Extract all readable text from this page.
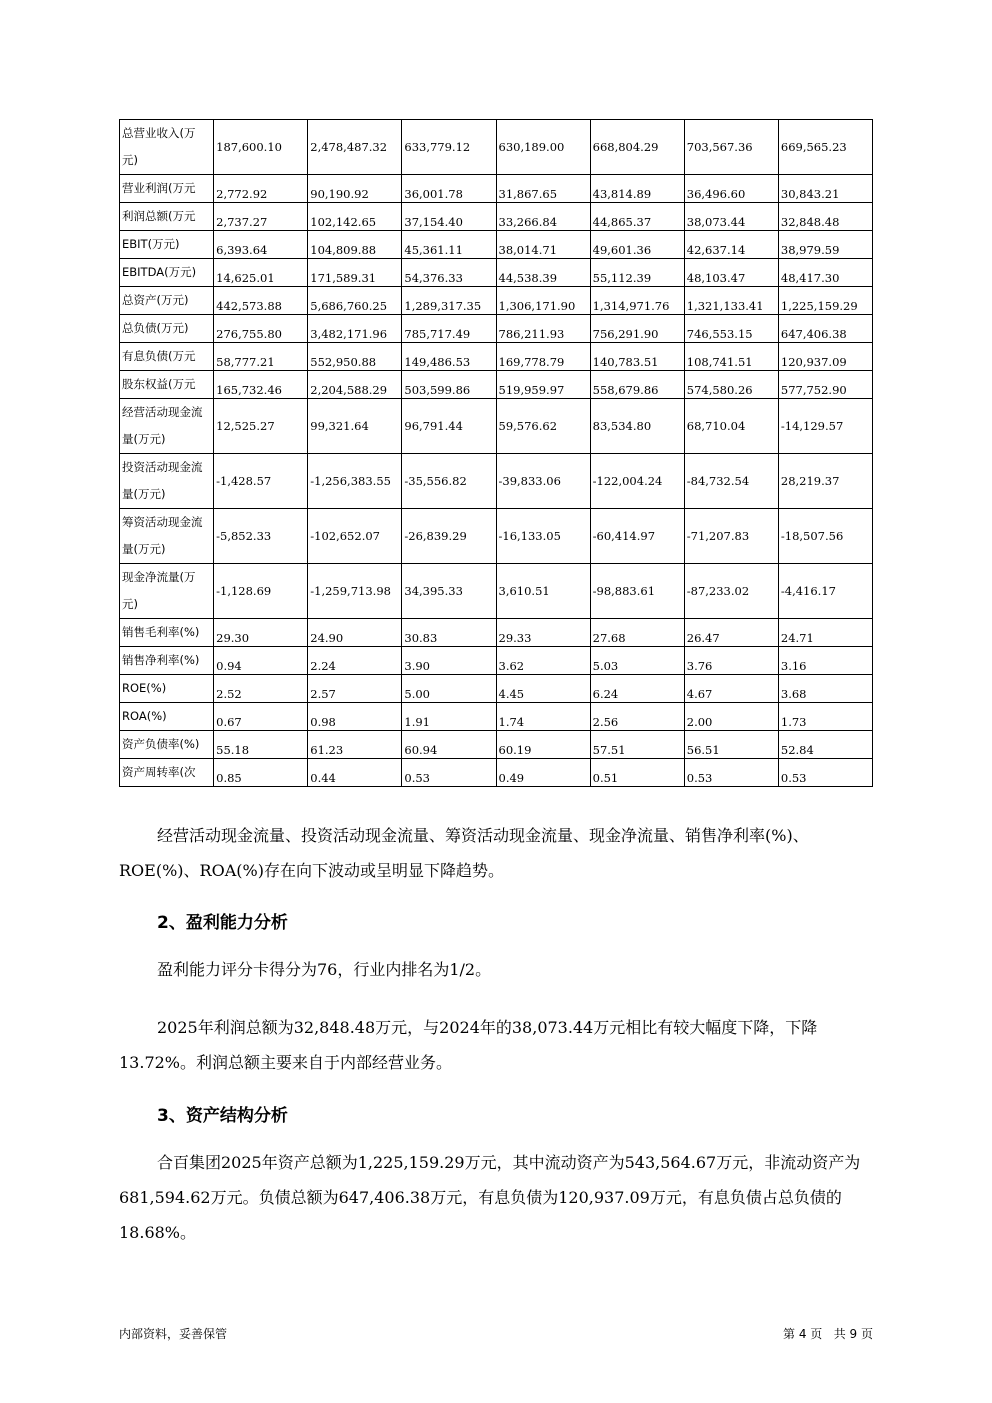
总营业收入(万元)	187,600.10	2,478,487.32	633,779.12	630,189.00	668,804.29	703,567.36	669,565.23
营业利润(万元	2,772.92	90,190.92	36,001.78	31,867.65	43,814.89	36,496.60	30,843.21
利润总额(万元	2,737.27	102,142.65	37,154.40	33,266.84	44,865.37	38,073.44	32,848.48
EBIT(万元)	6,393.64	104,809.88	45,361.11	38,014.71	49,601.36	42,637.14	38,979.59
EBITDA(万元)	14,625.01	171,589.31	54,376.33	44,538.39	55,112.39	48,103.47	48,417.30
总资产(万元)	442,573.88	5,686,760.25	1,289,317.35	1,306,171.90	1,314,971.76	1,321,133.41	1,225,159.29
总负债(万元)	276,755.80	3,482,171.96	785,717.49	786,211.93	756,291.90	746,553.15	647,406.38
有息负债(万元	58,777.21	552,950.88	149,486.53	169,778.79	140,783.51	108,741.51	120,937.09
股东权益(万元	165,732.46	2,204,588.29	503,599.86	519,959.97	558,679.86	574,580.26	577,752.90
经营活动现金流量(万元)	12,525.27	99,321.64	96,791.44	59,576.62	83,534.80	68,710.04	-14,129.57
投资活动现金流量(万元)	-1,428.57	-1,256,383.55	-35,556.82	-39,833.06	-122,004.24	-84,732.54	28,219.37
筹资活动现金流量(万元)	-5,852.33	-102,652.07	-26,839.29	-16,133.05	-60,414.97	-71,207.83	-18,507.56
现金净流量(万元)	-1,128.69	-1,259,713.98	34,395.33	3,610.51	-98,883.61	-87,233.02	-4,416.17
销售毛利率(%)	29.30	24.90	30.83	29.33	27.68	26.47	24.71
销售净利率(%)	0.94	2.24	3.90	3.62	5.03	3.76	3.16
ROE(%)	2.52	2.57	5.00	4.45	6.24	4.67	3.68
ROA(%)	0.67	0.98	1.91	1.74	2.56	2.00	1.73
资产负债率(%)	55.18	61.23	60.94	60.19	57.51	56.51	52.84
资产周转率(次	0.85	0.44	0.53	0.49	0.51	0.53	0.53

经营活动现金流量、投资活动现金流量、筹资活动现金流量、现金净流量、销售净利率(%)、ROE(%)、ROA(%)存在向下波动或呈明显下降趋势。

2、盈利能力分析

盈利能力评分卡得分为76，行业内排名为1/2。

2025年利润总额为32,848.48万元，与2024年的38,073.44万元相比有较大幅度下降，下降13.72%。利润总额主要来自于内部经营业务。

3、资产结构分析

合百集团2025年资产总额为1,225,159.29万元，其中流动资产为543,564.67万元，非流动资产为681,594.62万元。负债总额为647,406.38万元，有息负债为120,937.09万元，有息负债占总负债的18.68%。

内部资料，妥善保管	第 4 页   共 9 页
